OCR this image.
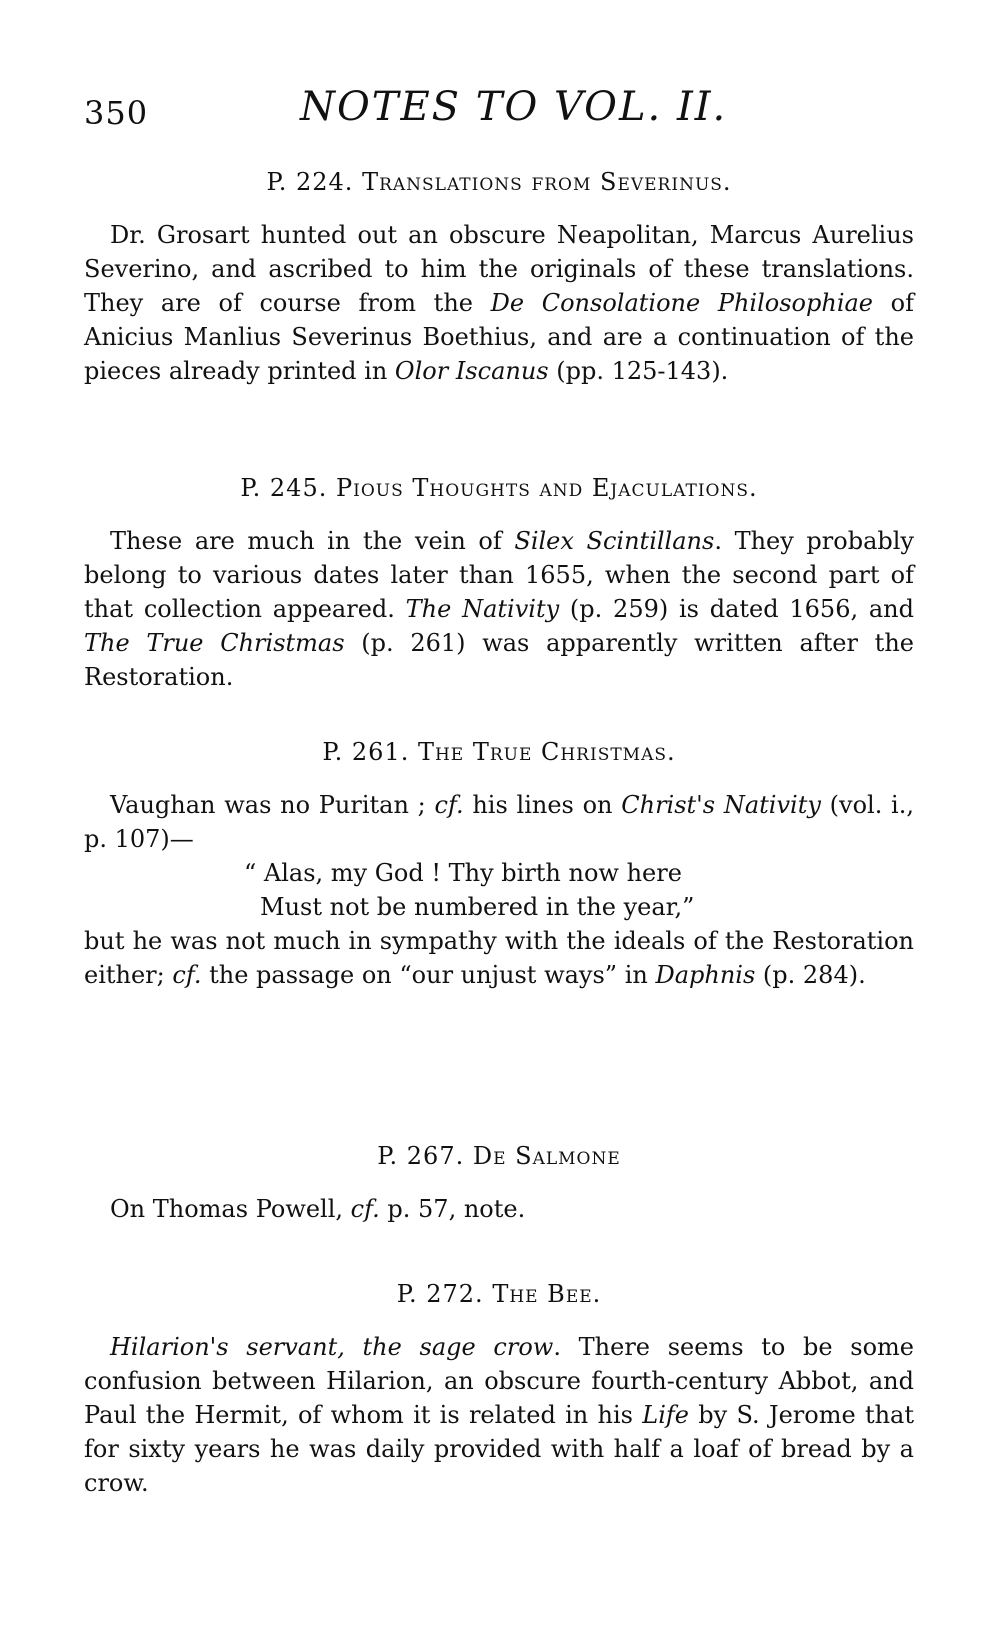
350	NOTES TO VOL. II.
P. 224. Translations from Severinus.

Dr. Grosart hunted out an obscure Neapolitan, Marcus Aurelius Severino, and ascribed to him the originals of these translations. They are of course from the De Consolatione Philosophiae of Anicius Manlius Severinus Boethius, and are a continuation of the pieces already printed in Olor Iscanus (pp. 125-143).

P. 245. Pious Thoughts and Ejaculations.

These are much in the vein of Silex Scintillans. They probably belong to various dates later than 1655, when the second part of that collection appeared. The Nativity (p. 259) is dated 1656, and The True Christmas (p. 261) was apparently written after the Restoration.

P. 261. The True Christmas.

Vaughan was no Puritan ; cf. his lines on Christ's Nativity (vol. i., p. 107)—

“ Alas, my God ! Thy birth now here

Must not be numbered in the year,”

but he was not much in sympathy with the ideals of the Restoration either; cf. the passage on “our unjust ways” in Daphnis (p. 284).

P. 267. De Salmone

On Thomas Powell, cf. p. 57, note.

P. 272. The Bee.

Hilarion's servant, the sage crow. There seems to be some confusion between Hilarion, an obscure fourth-century Abbot, and Paul the Hermit, of whom it is related in his Life by S. Jerome that for sixty years he was daily provided with half a loaf of bread by a crow.
